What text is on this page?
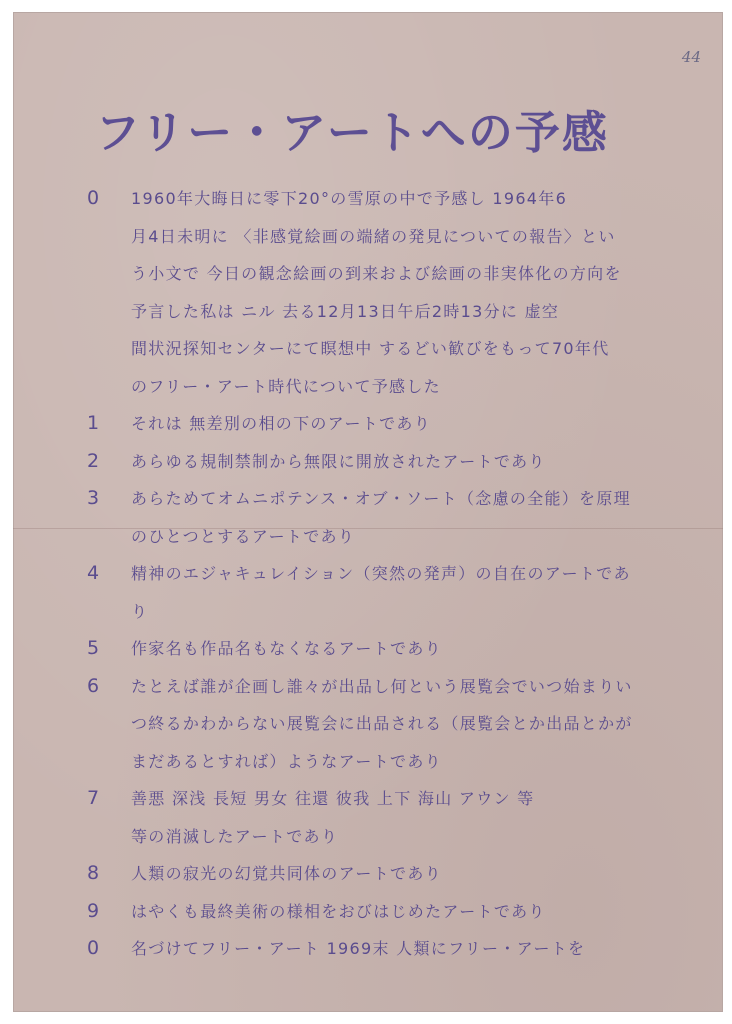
44
フリー・アートへの予感
0	1960年大晦日に零下20°の雪原の中で予感し 1964年6
月4日未明に 〈非感覚絵画の端緒の発見についての報告〉とい
う小文で 今日の観念絵画の到来および絵画の非実体化の方向を
予言した私は ニル 去る12月13日午后2時13分に 虚空
間状況探知センターにて瞑想中 するどい歓びをもって70年代
のフリー・アート時代について予感した
1	それは 無差別の相の下のアートであり
2	あらゆる規制禁制から無限に開放されたアートであり
3	あらためてオムニポテンス・オブ・ソート（念慮の全能）を原理
のひとつとするアートであり
4	精神のエジャキュレイション（突然の発声）の自在のアートであ
り
5	作家名も作品名もなくなるアートであり
6	たとえば誰が企画し誰々が出品し何という展覧会でいつ始まりい
つ終るかわからない展覧会に出品される（展覧会とか出品とかが
まだあるとすれば）ようなアートであり
7	善悪 深浅 長短 男女 往還 彼我 上下 海山 アウン 等
等の消滅したアートであり
8	人類の寂光の幻覚共同体のアートであり
9	はやくも最終美術の様相をおびはじめたアートであり
0	名づけてフリー・アート 1969末 人類にフリー・アートを
